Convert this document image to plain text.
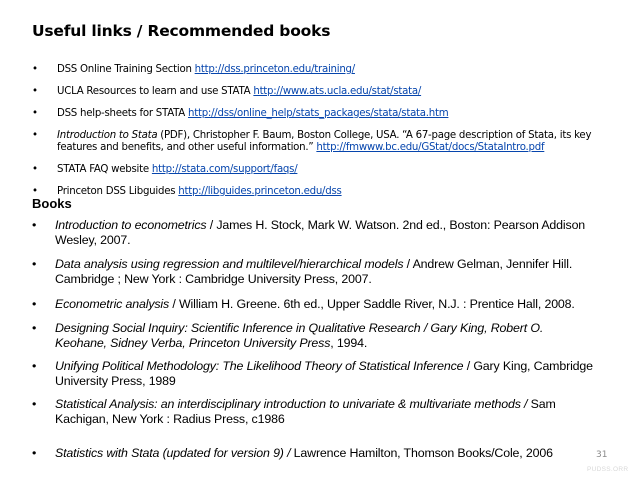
Useful links / Recommended books
• DSS Online Training Section http://dss.princeton.edu/training/
• UCLA Resources to learn and use STATA http://www.ats.ucla.edu/stat/stata/
• DSS help-sheets for STATA http://dss/online_help/stats_packages/stata/stata.htm
• Introduction to Stata (PDF), Christopher F. Baum, Boston College, USA. “A 67-page description of Stata, its key
features and benefits, and other useful information.” http://fmwww.bc.edu/GStat/docs/StataIntro.pdf
• STATA FAQ website http://stata.com/support/faqs/
• Princeton DSS Libguides http://libguides.princeton.edu/dss
Books
• Introduction to econometrics / James H. Stock, Mark W. Watson. 2nd ed., Boston: Pearson Addison
Wesley, 2007.
• Data analysis using regression and multilevel/hierarchical models / Andrew Gelman, Jennifer Hill.
Cambridge ; New York : Cambridge University Press, 2007.
• Econometric analysis / William H. Greene. 6th ed., Upper Saddle River, N.J. : Prentice Hall, 2008.
• Designing Social Inquiry: Scientific Inference in Qualitative Research / Gary King, Robert O.
Keohane, Sidney Verba, Princeton University Press, 1994.
• Unifying Political Methodology: The Likelihood Theory of Statistical Inference / Gary King, Cambridge
University Press, 1989
• Statistical Analysis: an interdisciplinary introduction to univariate & multivariate methods / Sam
Kachigan, New York : Radius Press, c1986
• Statistics with Stata (updated for version 9) / Lawrence Hamilton, Thomson Books/Cole, 2006	31
PUDSS.ORR
